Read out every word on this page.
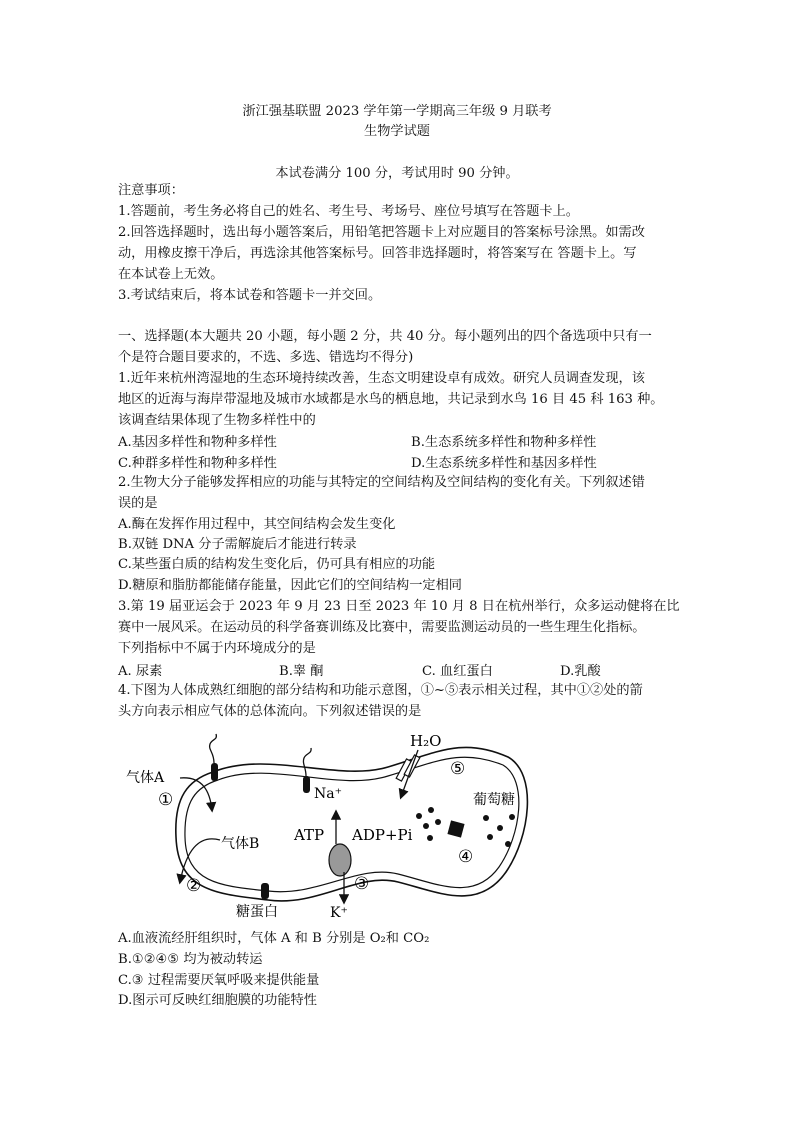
浙江强基联盟 2023 学年第一学期高三年级 9 月联考
生物学试题
本试卷满分 100 分，考试用时 90 分钟。
注意事项：
1.答题前，考生务必将自己的姓名、考生号、考场号、座位号填写在答题卡上。
2.回答选择题时，选出每小题答案后，用铅笔把答题卡上对应题目的答案标号涂黑。如需改
动，用橡皮擦干净后，再选涂其他答案标号。回答非选择题时，将答案写在 答题卡上。写
在本试卷上无效。
3.考试结束后，将本试卷和答题卡一并交回。
一、选择题(本大题共 20 小题，每小题 2 分，共 40 分。每小题列出的四个备选项中只有一
个是符合题目要求的，不选、多选、错选均不得分)
1.近年来杭州湾湿地的生态环境持续改善，生态文明建设卓有成效。研究人员调查发现，该
地区的近海与海岸带湿地及城市水域都是水鸟的栖息地，共记录到水鸟 16 目 45 科 163 种。
该调查结果体现了生物多样性中的
A.基因多样性和物种多样性	B.生态系统多样性和物种多样性
C.种群多样性和物种多样性	D.生态系统多样性和基因多样性
2.生物大分子能够发挥相应的功能与其特定的空间结构及空间结构的变化有关。下列叙述错
误的是
A.酶在发挥作用过程中，其空间结构会发生变化
B.双链 DNA 分子需解旋后才能进行转录
C.某些蛋白质的结构发生变化后，仍可具有相应的功能
D.糖原和脂肪都能储存能量，因此它们的空间结构一定相同
3.第 19 届亚运会于 2023 年 9 月 23 日至 2023 年 10 月 8 日在杭州举行，众多运动健将在比
赛中一展风采。在运动员的科学备赛训练及比赛中，需要监测运动员的一些生理生化指标。
下列指标中不属于内环境成分的是
A. 尿素	B.睾 酮	C. 血红蛋白	D.乳酸
4.下图为人体成熟红细胞的部分结构和功能示意图，①~⑤表示相关过程，其中①②处的箭
头方向表示相应气体的总体流向。下列叙述错误的是
H₂O
⑤
气体A
①
气体B
②
Na⁺
K⁺
ATP ADP+Pi
③
④
葡萄糖
糖蛋白
A.血液流经肝组织时，气体 A 和 B 分别是 O₂和 CO₂
B.①②④⑤ 均为被动转运
C.③ 过程需要厌氧呼吸来提供能量
D.图示可反映红细胞膜的功能特性
